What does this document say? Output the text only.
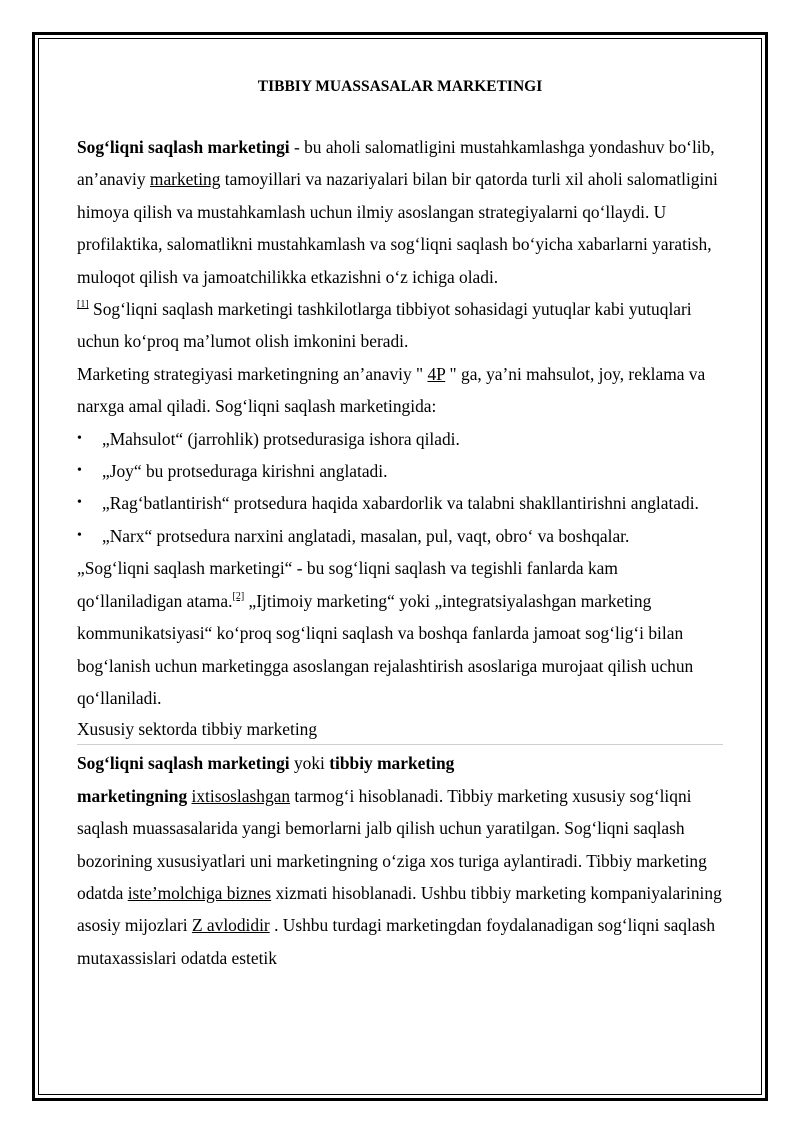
TIBBIY MUASSASALAR MARKETINGI

Sog‘liqni saqlash marketingi - bu aholi salomatligini mustahkamlashga yondashuv bo‘lib, an’anaviy marketing tamoyillari va nazariyalari bilan bir qatorda turli xil aholi salomatligini himoya qilish va mustahkamlash uchun ilmiy asoslangan strategiyalarni qo‘llaydi. U profilaktika, salomatlikni mustahkamlash va sog‘liqni saqlash bo‘yicha xabarlarni yaratish, muloqot qilish va jamoatchilikka etkazishni o‘z ichiga oladi.
[1] Sog‘liqni saqlash marketingi tashkilotlarga tibbiyot sohasidagi yutuqlar kabi yutuqlari uchun ko‘proq ma’lumot olish imkonini beradi.

Marketing strategiyasi marketingning an’anaviy " 4P " ga, ya’ni mahsulot, joy, reklama va narxga amal qiladi. Sog‘liqni saqlash marketingida:

• „Mahsulot“ (jarrohlik) protsedurasiga ishora qiladi.
• „Joy“ bu protseduraga kirishni anglatadi.
• „Rag‘batlantirish“ protsedura haqida xabardorlik va talabni shakllantirishni anglatadi.
• „Narx“ protsedura narxini anglatadi, masalan, pul, vaqt, obro‘ va boshqalar.

„Sog‘liqni saqlash marketingi“ - bu sog‘liqni saqlash va tegishli fanlarda kam qo‘llaniladigan atama.[2] „Ijtimoiy marketing“ yoki „integratsiyalashgan marketing kommunikatsiyasi“ ko‘proq sog‘liqni saqlash va boshqa fanlarda jamoat sog‘lig‘i bilan bog‘lanish uchun marketingga asoslangan rejalashtirish asoslariga murojaat qilish uchun qo‘llaniladi.

Xususiy sektorda tibbiy marketing

Sog‘liqni saqlash marketingi yoki tibbiy marketing
marketingning ixtisoslashgan tarmog‘i hisoblanadi. Tibbiy marketing xususiy sog‘liqni saqlash muassasalarida yangi bemorlarni jalb qilish uchun yaratilgan. Sog‘liqni saqlash bozorining xususiyatlari uni marketingning o‘ziga xos turiga aylantiradi. Tibbiy marketing odatda iste’molchiga biznes xizmati hisoblanadi. Ushbu tibbiy marketing kompaniyalarining asosiy mijozlari Z avlodidir . Ushbu turdagi marketingdan foydalanadigan sog‘liqni saqlash mutaxassislari odatda estetik
